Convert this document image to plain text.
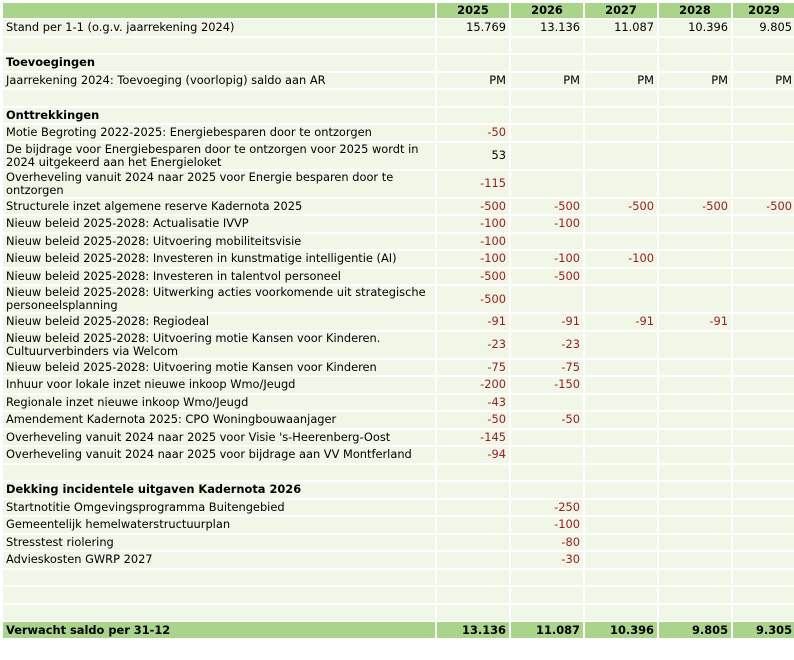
	2025	2026	2027	2028	2029
Stand per 1-1 (o.g.v. jaarrekening 2024)	15.769	13.136	11.087	10.396	9.805

Toevoegingen					
Jaarrekening 2024: Toevoeging (voorlopig) saldo aan AR	PM	PM	PM	PM	PM

Onttrekkingen					
Motie Begroting 2022-2025: Energiebesparen door te ontzorgen	-50				
De bijdrage voor Energiebesparen door te ontzorgen voor 2025 wordt in 2024 uitgekeerd aan het Energieloket	53				
Overheveling vanuit 2024 naar 2025 voor Energie besparen door te ontzorgen	-115				
Structurele inzet algemene reserve Kadernota 2025	-500	-500	-500	-500	-500
Nieuw beleid 2025-2028: Actualisatie IVVP	-100	-100			
Nieuw beleid 2025-2028: Uitvoering mobiliteitsvisie	-100				
Nieuw beleid 2025-2028: Investeren in kunstmatige intelligentie (AI)	-100	-100	-100		
Nieuw beleid 2025-2028: Investeren in talentvol personeel	-500	-500			
Nieuw beleid 2025-2028: Uitwerking acties voorkomende uit strategische personeelsplanning	-500				
Nieuw beleid 2025-2028: Regiodeal	-91	-91	-91	-91	
Nieuw beleid 2025-2028: Uitvoering motie Kansen voor Kinderen. Cultuurverbinders via Welcom	-23	-23			
Nieuw beleid 2025-2028: Uitvoering motie Kansen voor Kinderen	-75	-75			
Inhuur voor lokale inzet nieuwe inkoop Wmo/Jeugd	-200	-150			
Regionale inzet nieuwe inkoop Wmo/Jeugd	-43				
Amendement Kadernota 2025: CPO Woningbouwaanjager	-50	-50			
Overheveling vanuit 2024 naar 2025 voor Visie 's-Heerenberg-Oost	-145				
Overheveling vanuit 2024 naar 2025 voor bijdrage aan VV Montferland	-94				

Dekking incidentele uitgaven Kadernota 2026					
Startnotitie Omgevingsprogramma Buitengebied		-250			
Gemeentelijk hemelwaterstructuurplan		-100			
Stresstest riolering		-80			
Advieskosten GWRP 2027		-30			

Verwacht saldo per 31-12	13.136	11.087	10.396	9.805	9.305
